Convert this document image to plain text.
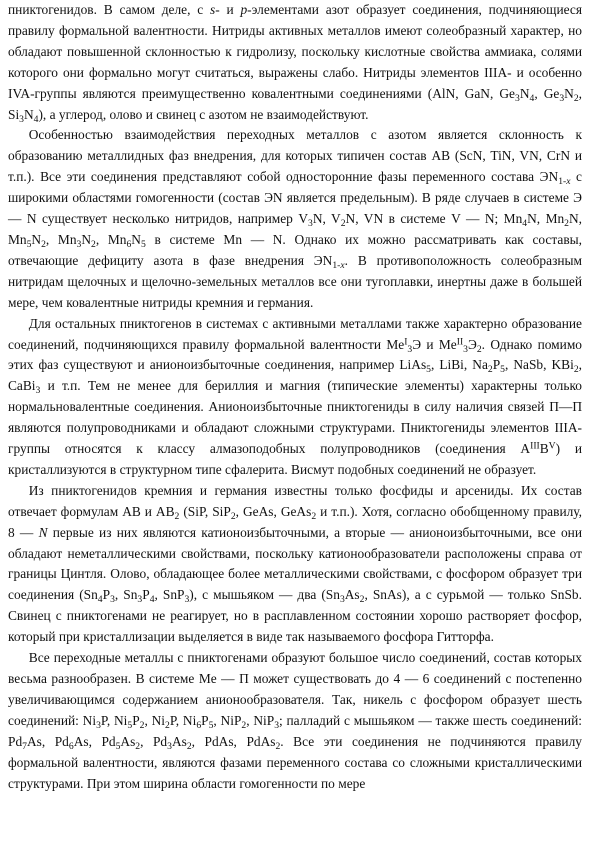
пниктогенидов. В самом деле, с s- и p-элементами азот образует соединения, подчиняющиеся правилу формальной валентности. Нитриды активных металлов имеют солеобразный характер, но обладают повышенной склонностью к гидролизу, поскольку кислотные свойства аммиака, солями которого они формально могут считаться, выражены слабо. Нитриды элементов IIIA- и особенно IVA-группы являются преимущественно ковалентными соединениями (AlN, GaN, $Ge_3N_4$, $Ge_3N_2$, $Si_3N_4$), а углерод, олово и свинец с азотом не взаимодействуют.

Особенностью взаимодействия переходных металлов с азотом является склонность к образованию металлидных фаз внедрения, для которых типичен состав АВ (ScN, TiN, VN, CrN и т.п.). Все эти соединения представляют собой односторонние фазы переменного состава $ЭN_{1-x}$ с широкими областями гомогенности (состав ЭN является предельным). В ряде случаев в системе Э — N существует несколько нитридов, например $V_3N$, $V_2N$, VN в системе V — N; $Mn_4N$, $Mn_2N$, $Mn_5N_2$, $Mn_3N_2$, $Mn_6N_5$ в системе Mn — N. Однако их можно рассматривать как составы, отвечающие дефициту азота в фазе внедрения $ЭN_{1-x}$. В противоположность солеобразным нитридам щелочных и щелочно-земельных металлов все они тугоплавки, инертны даже в большей мере, чем ковалентные нитриды кремния и германия.

Для остальных пниктогенов в системах с активными металлами также характерно образование соединений, подчиняющихся правилу формальной валентности $Me^I_3Э$ и $Me^{II}_3Э_2$. Однако помимо этих фаз существуют и анионоизбыточные соединения, например LiAs$_5$, LiBi, $Na_2P_5$, NaSb, KBi$_2$, CaBi$_3$ и т.п. Тем не менее для бериллия и магния (типические элементы) характерны только нормальновалентные соединения. Анионоизбыточные пниктогениды в силу наличия связей П—П являются полупроводниками и обладают сложными структурами. Пниктогениды элементов IIIA-группы относятся к классу алмазоподобных полупроводников (соединения $A^{III}B^V$) и кристаллизуются в структурном типе сфалерита. Висмут подобных соединений не образует.

Из пниктогенидов кремния и германия известны только фосфиды и арсениды. Их состав отвечает формулам AB и $AB_2$ (SiP, SiP$_2$, GeAs, GeAs$_2$ и т.п.). Хотя, согласно обобщенному правилу, 8 — N первые из них являются катионоизбыточными, а вторые — анионоизбыточными, все они обладают неметаллическими свойствами, поскольку катионообразователи расположены справа от границы Цинтля. Олово, обладающее более металлическими свойствами, с фосфором образует три соединения ($Sn_4P_3$, $Sn_3P_4$, SnP$_3$), с мышьяком — два ($Sn_3As_2$, SnAs), а с сурьмой — только SnSb. Свинец с пниктогенами не реагирует, но в расплавленном состоянии хорошо растворяет фосфор, который при кристаллизации выделяется в виде так называемого фосфора Гитторфа.

Все переходные металлы с пниктогенами образуют большое число соединений, состав которых весьма разнообразен. В системе Me — П может существовать до 4 — 6 соединений с постепенно увеличивающимся содержанием анионообразователя. Так, никель с фосфором образует шесть соединений: $Ni_3P$, $Ni_5P_2$, $Ni_2P$, $Ni_6P_5$, NiP$_2$, NiP$_3$; палладий с мышьяком — также шесть соединений: $Pd_7As$, $Pd_6As$, $Pd_5As_2$, $Pd_3As_2$, PdAs, PdAs$_2$. Все эти соединения не подчиняются правилу формальной валентности, являются фазами переменного состава со сложными кристаллическими структурами. При этом ширина области гомогенности по мере
